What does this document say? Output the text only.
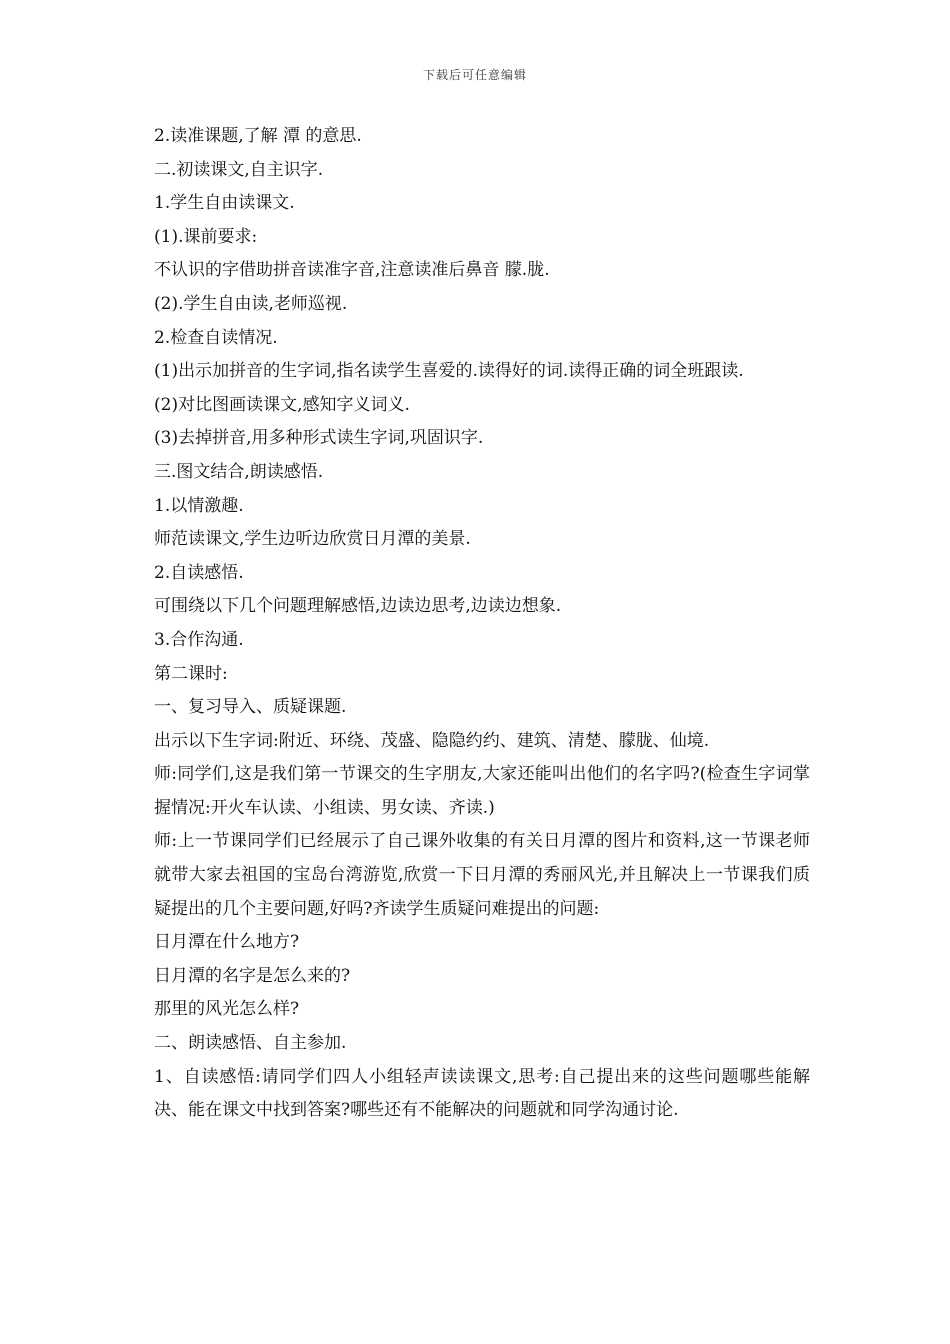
下载后可任意编辑

2.读准课题,了解 潭 的意思.

二.初读课文,自主识字.

1.学生自由读课文.

(1).课前要求:

不认识的字借助拼音读准字音,注意读准后鼻音 朦.胧.

(2).学生自由读,老师巡视.

2.检查自读情况.

(1)出示加拼音的生字词,指名读学生喜爱的.读得好的词.读得正确的词全班跟读.

(2)对比图画读课文,感知字义词义.

(3)去掉拼音,用多种形式读生字词,巩固识字.

三.图文结合,朗读感悟.

1.以情激趣.

师范读课文,学生边听边欣赏日月潭的美景.

2.自读感悟.

可围绕以下几个问题理解感悟,边读边思考,边读边想象.

3.合作沟通.

第二课时:

一、复习导入、质疑课题.

出示以下生字词:附近、环绕、茂盛、隐隐约约、建筑、清楚、朦胧、仙境.

师:同学们,这是我们第一节课交的生字朋友,大家还能叫出他们的名字吗?(检查生字词掌握情况:开火车认读、小组读、男女读、齐读.)

师:上一节课同学们已经展示了自己课外收集的有关日月潭的图片和资料,这一节课老师就带大家去祖国的宝岛台湾游览,欣赏一下日月潭的秀丽风光,并且解决上一节课我们质疑提出的几个主要问题,好吗?齐读学生质疑问难提出的问题:

日月潭在什么地方?

日月潭的名字是怎么来的?

那里的风光怎么样?

二、朗读感悟、自主参加.

1、自读感悟:请同学们四人小组轻声读读课文,思考:自己提出来的这些问题哪些能解决、能在课文中找到答案?哪些还有不能解决的问题就和同学沟通讨论.
